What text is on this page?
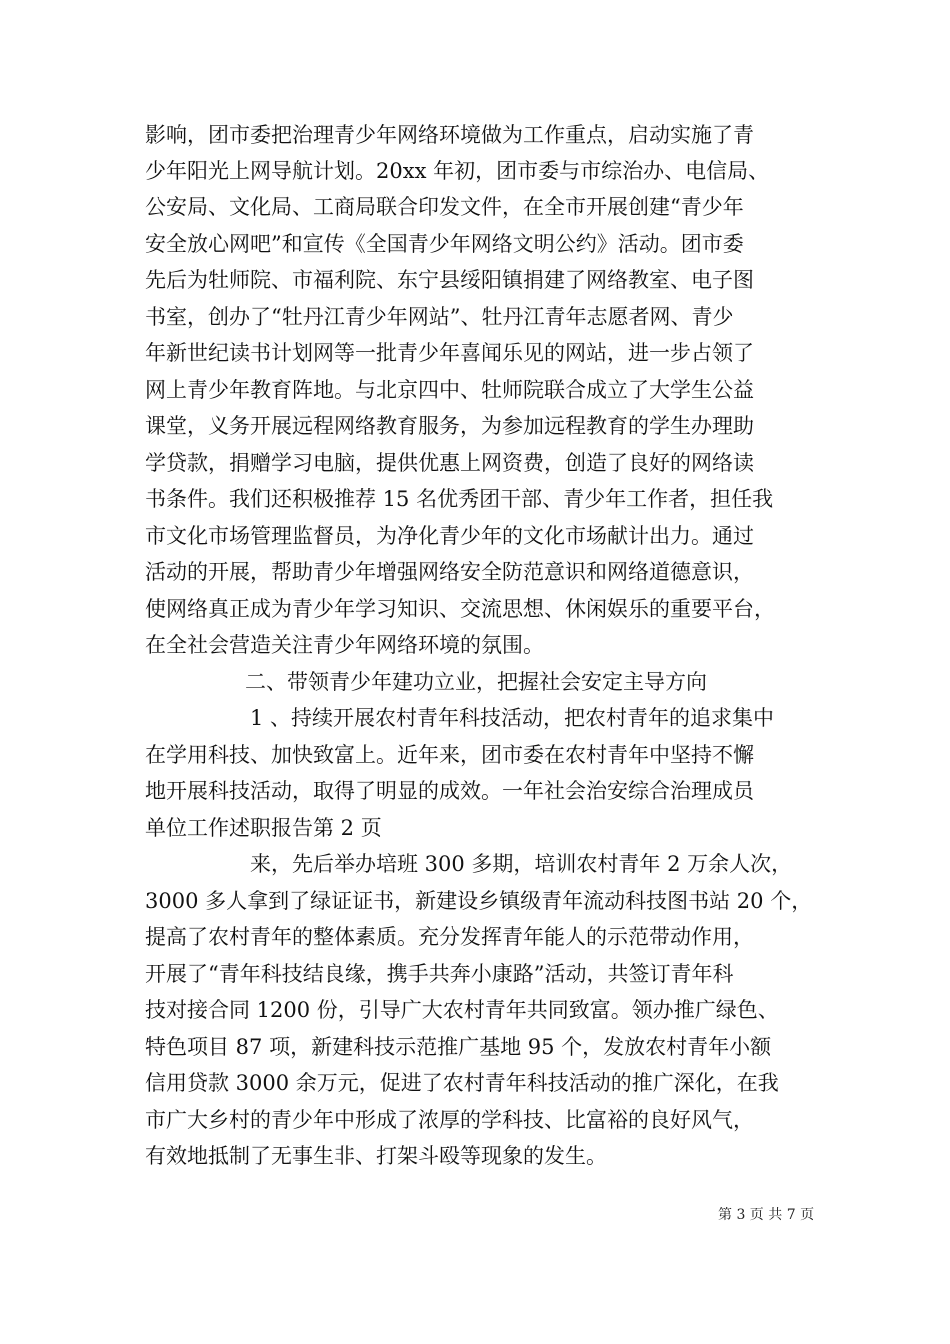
影响，团市委把治理青少年网络环境做为工作重点，启动实施了青
少年阳光上网导航计划。20xx 年初，团市委与市综治办、电信局、
公安局、文化局、工商局联合印发文件，在全市开展创建“青少年
安全放心网吧”和宣传《全国青少年网络文明公约》活动。团市委
先后为牡师院、市福利院、东宁县绥阳镇捐建了网络教室、电子图
书室，创办了“牡丹江青少年网站”、牡丹江青年志愿者网、青少
年新世纪读书计划网等一批青少年喜闻乐见的网站，进一步占领了
网上青少年教育阵地。与北京四中、牡师院联合成立了大学生公益
课堂，义务开展远程网络教育服务，为参加远程教育的学生办理助
学贷款，捐赠学习电脑，提供优惠上网资费，创造了良好的网络读
书条件。我们还积极推荐 15 名优秀团干部、青少年工作者，担任我
市文化市场管理监督员，为净化青少年的文化市场献计出力。通过
活动的开展，帮助青少年增强网络安全防范意识和网络道德意识，
使网络真正成为青少年学习知识、交流思想、休闲娱乐的重要平台，
在全社会营造关注青少年网络环境的氛围。
二、带领青少年建功立业，把握社会安定主导方向
1 、持续开展农村青年科技活动，把农村青年的追求集中
在学用科技、加快致富上。近年来，团市委在农村青年中坚持不懈
地开展科技活动，取得了明显的成效。一年社会治安综合治理成员
单位工作述职报告第 2 页
来，先后举办培班 300 多期，培训农村青年 2 万余人次，
3000 多人拿到了绿证证书，新建设乡镇级青年流动科技图书站 20 个，
提高了农村青年的整体素质。充分发挥青年能人的示范带动作用，
开展了“青年科技结良缘，携手共奔小康路”活动，共签订青年科
技对接合同 1200 份，引导广大农村青年共同致富。领办推广绿色、
特色项目 87 项，新建科技示范推广基地 95 个，发放农村青年小额
信用贷款 3000 余万元，促进了农村青年科技活动的推广深化，在我
市广大乡村的青少年中形成了浓厚的学科技、比富裕的良好风气，
有效地抵制了无事生非、打架斗殴等现象的发生。
第 3 页 共 7 页
